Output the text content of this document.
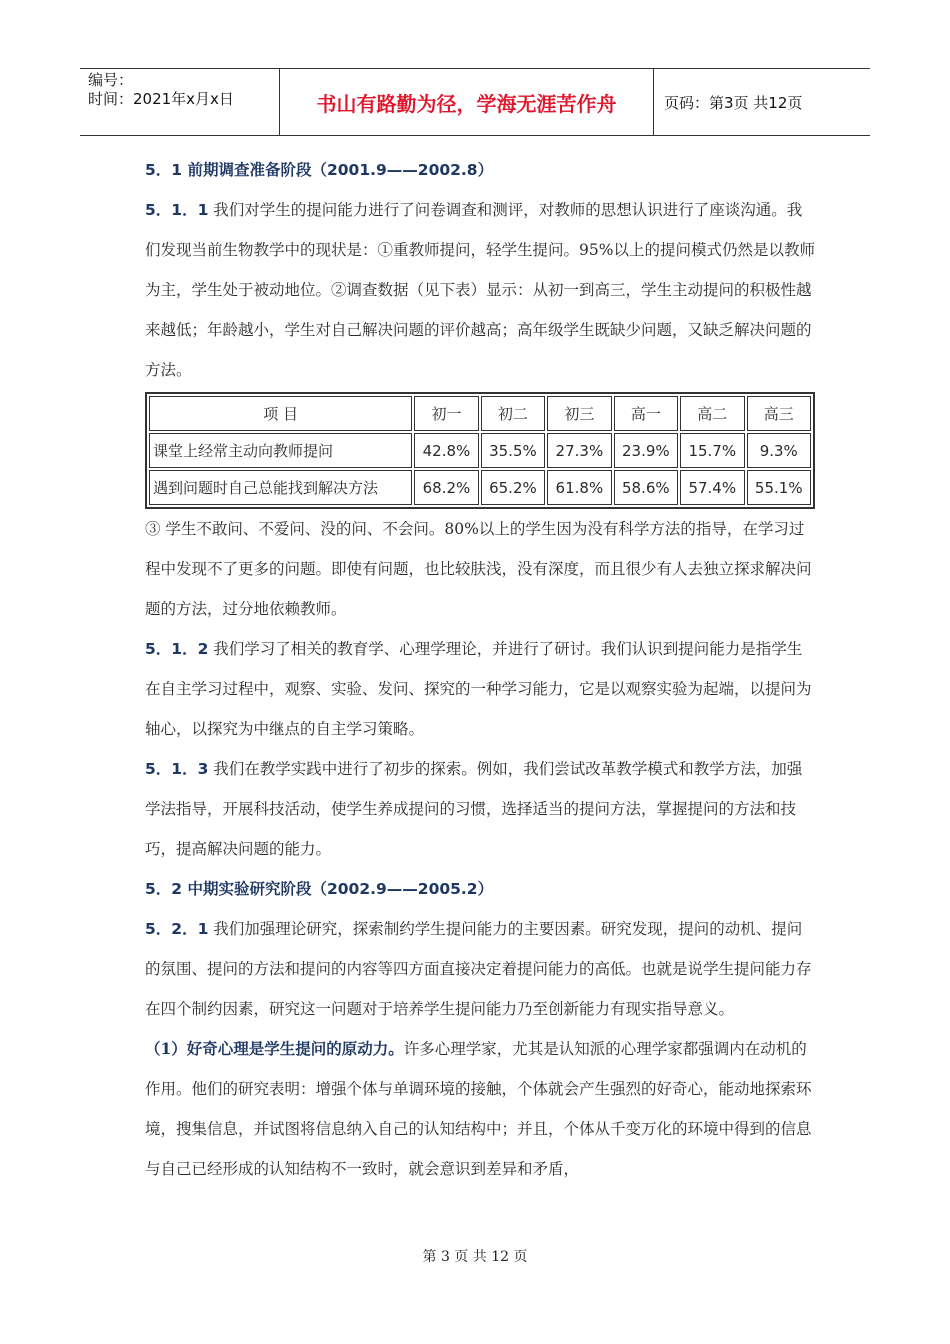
编号：
时间：2021年x月x日	书山有路勤为径，学海无涯苦作舟	页码：第3页 共12页

5．1 前期调查准备阶段（2001.9——2002.8）

5．1．1 我们对学生的提问能力进行了问卷调查和测评，对教师的思想认识进行了座谈沟通。我们发现当前生物教学中的现状是：①重教师提问，轻学生提问。95%以上的提问模式仍然是以教师为主，学生处于被动地位。②调查数据（见下表）显示：从初一到高三，学生主动提问的积极性越来越低；年龄越小，学生对自己解决问题的评价越高；高年级学生既缺少问题，又缺乏解决问题的方法。

项 目	初一	初二	初三	高一	高二	高三
课堂上经常主动向教师提问	42.8%	35.5%	27.3%	23.9%	15.7%	9.3%
遇到问题时自己总能找到解决方法	68.2%	65.2%	61.8%	58.6%	57.4%	55.1%

③ 学生不敢问、不爱问、没的问、不会问。80%以上的学生因为没有科学方法的指导，在学习过程中发现不了更多的问题。即使有问题，也比较肤浅，没有深度，而且很少有人去独立探求解决问题的方法，过分地依赖教师。

5．1．2 我们学习了相关的教育学、心理学理论，并进行了研讨。我们认识到提问能力是指学生在自主学习过程中，观察、实验、发问、探究的一种学习能力，它是以观察实验为起端，以提问为轴心，以探究为中继点的自主学习策略。

5．1．3 我们在教学实践中进行了初步的探索。例如，我们尝试改革教学模式和教学方法，加强学法指导，开展科技活动，使学生养成提问的习惯，选择适当的提问方法，掌握提问的方法和技巧，提高解决问题的能力。

5．2 中期实验研究阶段（2002.9——2005.2）

5．2．1 我们加强理论研究，探索制约学生提问能力的主要因素。研究发现，提问的动机、提问的氛围、提问的方法和提问的内容等四方面直接决定着提问能力的高低。也就是说学生提问能力存在四个制约因素，研究这一问题对于培养学生提问能力乃至创新能力有现实指导意义。

（1）好奇心理是学生提问的原动力。许多心理学家，尤其是认知派的心理学家都强调内在动机的作用。他们的研究表明：增强个体与单调环境的接触，个体就会产生强烈的好奇心，能动地探索环境，搜集信息，并试图将信息纳入自己的认知结构中；并且，个体从千变万化的环境中得到的信息与自己已经形成的认知结构不一致时，就会意识到差异和矛盾，

第 3 页 共 12 页
